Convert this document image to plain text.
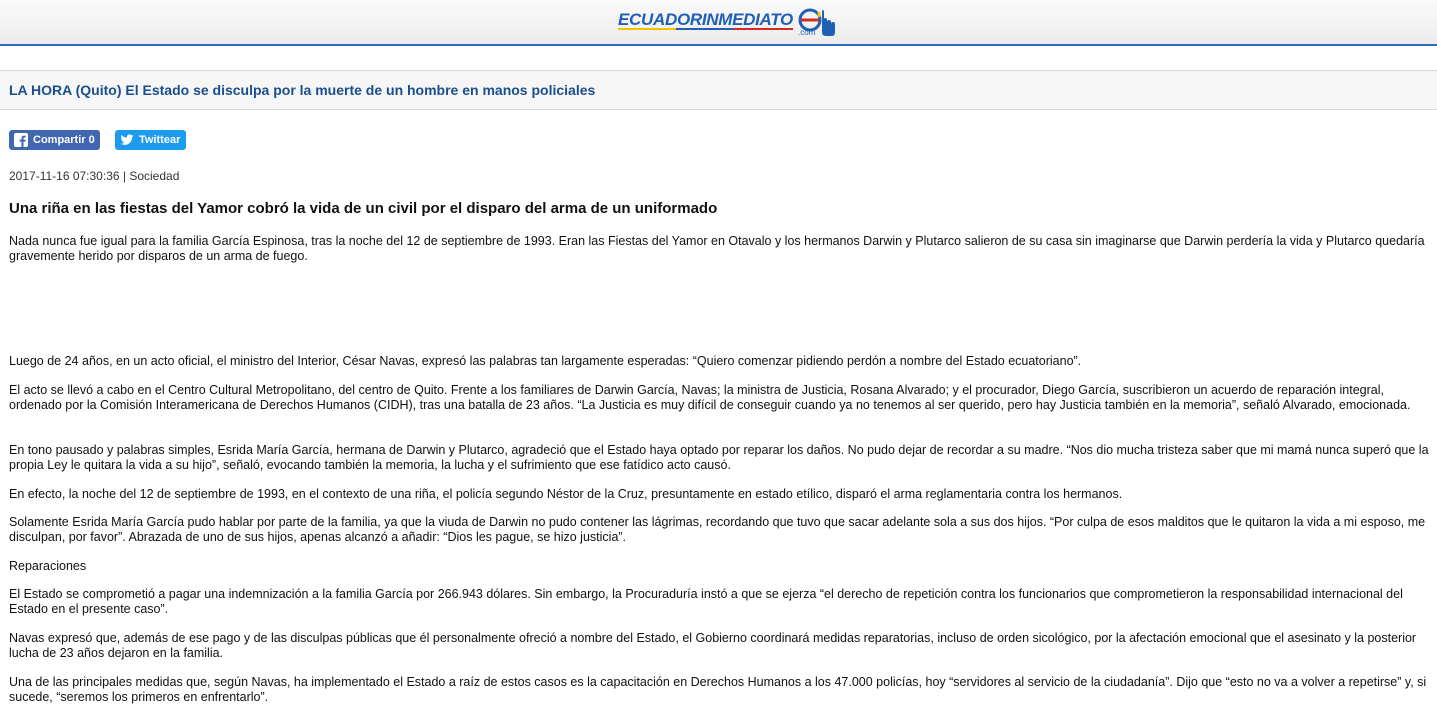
ECUADORINMEDIATO
.com
LA HORA (Quito) El Estado se disculpa por la muerte de un hombre en manos policiales
Compartir 0	Twittear
2017-11-16 07:30:36 | Sociedad
Una riña en las fiestas del Yamor cobró la vida de un civil por el disparo del arma de un uniformado

Nada nunca fue igual para la familia García Espinosa, tras la noche del 12 de septiembre de 1993. Eran las Fiestas del Yamor en Otavalo y los hermanos Darwin y Plutarco salieron de su casa sin imaginarse que Darwin perdería la vida y Plutarco quedaría gravemente herido por disparos de un arma de fuego.

Luego de 24 años, en un acto oficial, el ministro del Interior, César Navas, expresó las palabras tan largamente esperadas: “Quiero comenzar pidiendo perdón a nombre del Estado ecuatoriano”.

El acto se llevó a cabo en el Centro Cultural Metropolitano, del centro de Quito. Frente a los familiares de Darwin García, Navas; la ministra de Justicia, Rosana Alvarado; y el procurador, Diego García, suscribieron un acuerdo de reparación integral, ordenado por la Comisión Interamericana de Derechos Humanos (CIDH), tras una batalla de 23 años. “La Justicia es muy difícil de conseguir cuando ya no tenemos al ser querido, pero hay Justicia también en la memoria”, señaló Alvarado, emocionada.

En tono pausado y palabras simples, Esrida María García, hermana de Darwin y Plutarco, agradeció que el Estado haya optado por reparar los daños. No pudo dejar de recordar a su madre. “Nos dio mucha tristeza saber que mi mamá nunca superó que la propia Ley le quitara la vida a su hijo”, señaló, evocando también la memoria, la lucha y el sufrimiento que ese fatídico acto causó.

En efecto, la noche del 12 de septiembre de 1993, en el contexto de una riña, el policía segundo Néstor de la Cruz, presuntamente en estado etílico, disparó el arma reglamentaria contra los hermanos.

Solamente Esrida María García pudo hablar por parte de la familia, ya que la viuda de Darwin no pudo contener las lágrimas, recordando que tuvo que sacar adelante sola a sus dos hijos. “Por culpa de esos malditos que le quitaron la vida a mi esposo, me disculpan, por favor”. Abrazada de uno de sus hijos, apenas alcanzó a añadir: “Dios les pague, se hizo justicia”.

Reparaciones

El Estado se comprometió a pagar una indemnización a la familia García por 266.943 dólares. Sin embargo, la Procuraduría instó a que se ejerza “el derecho de repetición contra los funcionarios que comprometieron la responsabilidad internacional del Estado en el presente caso”.

Navas expresó que, además de ese pago y de las disculpas públicas que él personalmente ofreció a nombre del Estado, el Gobierno coordinará medidas reparatorias, incluso de orden sicológico, por la afectación emocional que el asesinato y la posterior lucha de 23 años dejaron en la familia.

Una de las principales medidas que, según Navas, ha implementado el Estado a raíz de estos casos es la capacitación en Derechos Humanos a los 47.000 policías, hoy “servidores al servicio de la ciudadanía”. Dijo que “esto no va a volver a repetirse” y, si sucede, “seremos los primeros en enfrentarlo”.
